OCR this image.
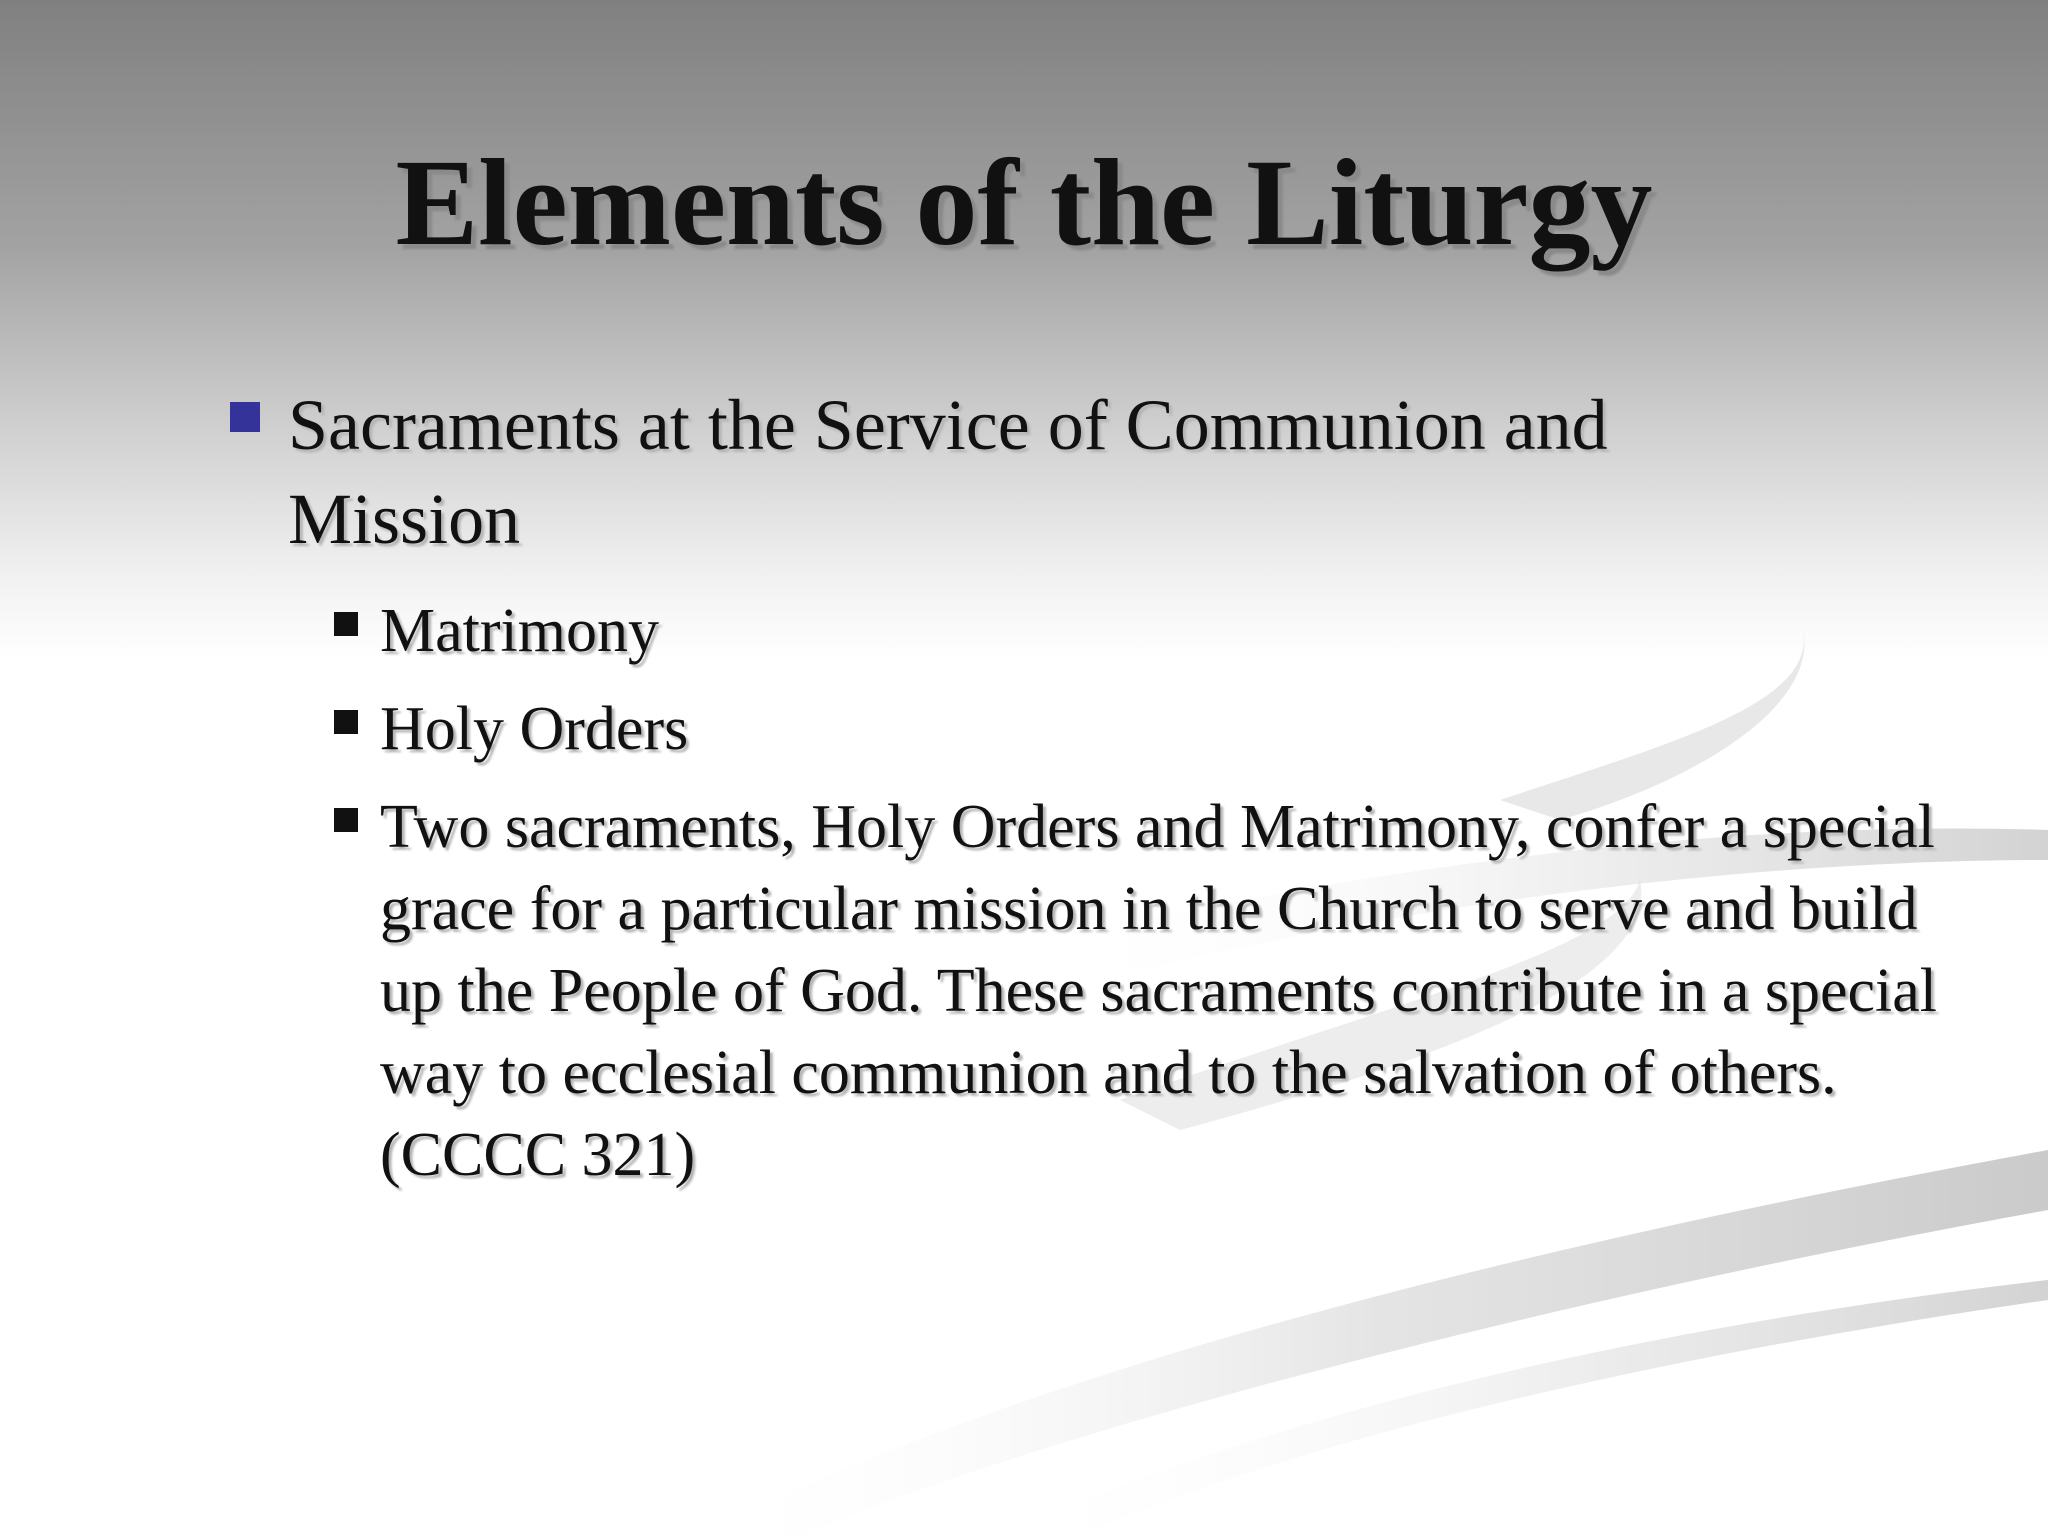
Elements of the Liturgy
Sacraments at the Service of Communion and Mission
Matrimony
Holy Orders
Two sacraments, Holy Orders and Matrimony, confer a special grace for a particular mission in the Church to serve and build up the People of God. These sacraments contribute in a special way to ecclesial communion and to the salvation of others. (CCCC 321)
